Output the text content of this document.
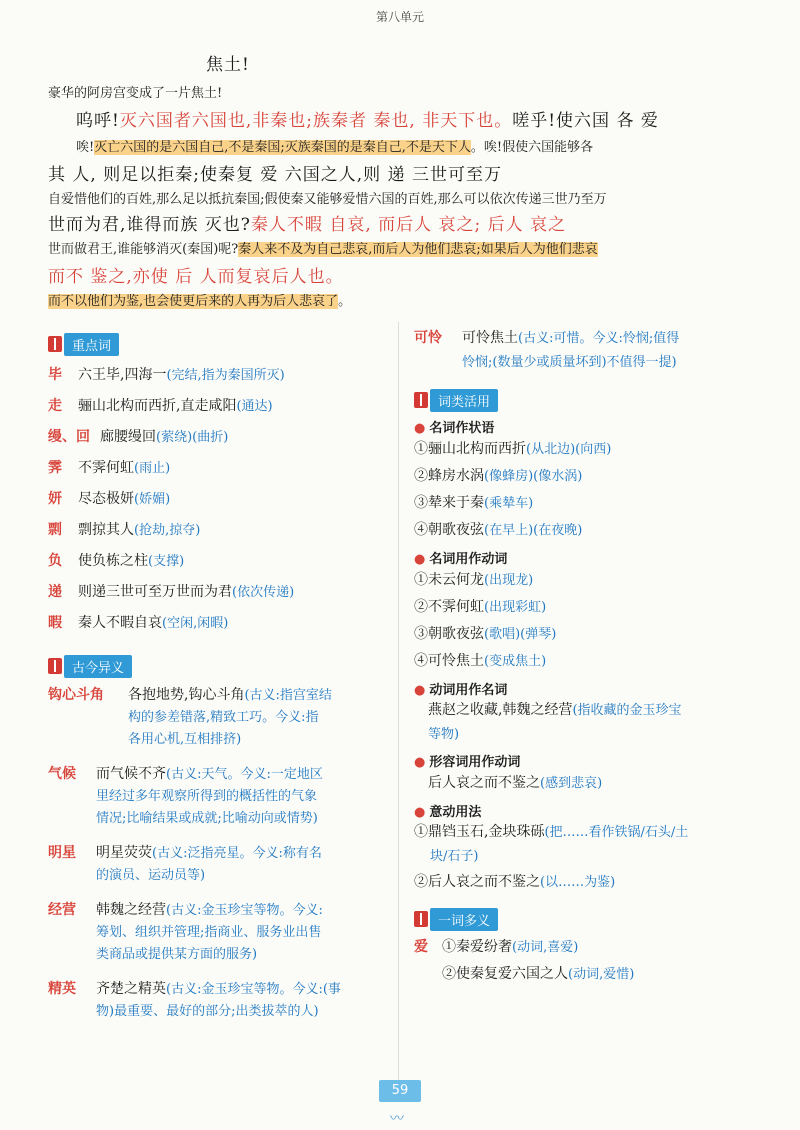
第八单元
焦土!
豪华的阿房宫变成了一片焦土!
呜呼!灭六国者六国也,非秦也;族秦者 秦也, 非天下也。嗟乎!使六国 各 爱
唉!灭亡六国的是六国自己,不是秦国;灭族秦国的是秦自己,不是天下人。唉!假使六国能够各
其 人, 则足以拒秦;使秦复 爱 六国之人,则 递 三世可至万
自爱惜他们的百姓,那么足以抵抗秦国;假使秦又能够爱惜六国的百姓,那么可以依次传递三世乃至万
世而为君,谁得而族 灭也?秦人不暇 自哀, 而后人 哀之; 后人 哀之
世而做君王,谁能够消灭(秦国)呢?秦人来不及为自己悲哀,而后人为他们悲哀;如果后人为他们悲哀
而不 鉴之,亦使 后 人而复哀后人也。
而不以他们为鉴,也会使更后来的人再为后人悲哀了。
重点词
毕 六王毕,四海一(完结,指为秦国所灭)
走 骊山北构而西折,直走咸阳(通达)
缦、回 廊腰缦回(萦绕)(曲折)
霁 不霁何虹(雨止)
妍 尽态极妍(娇媚)
剽 剽掠其人(抢劫,掠夺)
负 使负栋之柱(支撑)
递 则递三世可至万世而为君(依次传递)
暇 秦人不暇自哀(空闲,闲暇)
古今异义
钩心斗角 各抱地势,钩心斗角(古义:指宫室结
构的参差错落,精致工巧。今义:指
各用心机,互相排挤)
气候 而气候不齐(古义:天气。今义:一定地区
里经过多年观察所得到的概括性的气象
情况;比喻结果或成就;比喻动向或情势)
明星 明星荧荧(古义:泛指亮星。今义:称有名
的演员、运动员等)
经营 韩魏之经营(古义:金玉珍宝等物。今义:
筹划、组织并管理;指商业、服务业出售
类商品或提供某方面的服务)
精英 齐楚之精英(古义:金玉珍宝等物。今义:(事
物)最重要、最好的部分;出类拔萃的人)
可怜 可怜焦土(古义:可惜。今义:怜悯;值得
怜悯;(数量少或质量坏到)不值得一提)
词类活用
● 名词作状语
①骊山北构而西折(从北边)(向西)
②蜂房水涡(像蜂房)(像水涡)
③辇来于秦(乘辇车)
④朝歌夜弦(在早上)(在夜晚)
● 名词用作动词
①未云何龙(出现龙)
②不霁何虹(出现彩虹)
③朝歌夜弦(歌唱)(弹琴)
④可怜焦土(变成焦土)
● 动词用作名词
燕赵之收藏,韩魏之经营(指收藏的金玉珍宝
等物)
● 形容词用作动词
后人哀之而不鉴之(感到悲哀)
● 意动用法
①鼎铛玉石,金块珠砾(把……看作铁锅/石头/土
块/石子)
②后人哀之而不鉴之(以……为鉴)
一词多义
爱 ①秦爱纷奢(动词,喜爱)
②使秦复爱六国之人(动词,爱惜)
59
〰
